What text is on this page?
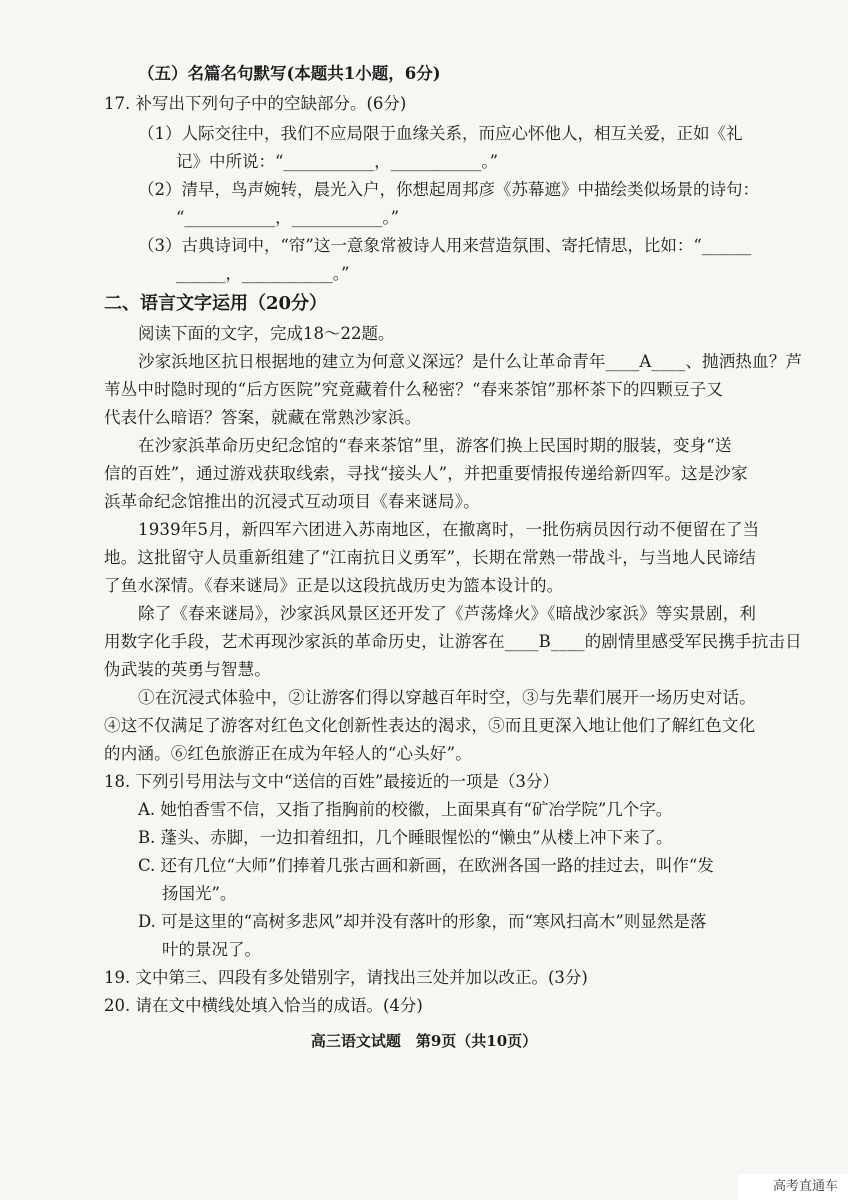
（五）名篇名句默写(本题共1小题，6分)
17. 补写出下列句子中的空缺部分。(6分)
（1）人际交往中，我们不应局限于血缘关系，而应心怀他人，相互关爱，正如《礼
记》中所说：“___________，___________。”
（2）清早，鸟声婉转，晨光入户，你想起周邦彦《苏幕遮》中描绘类似场景的诗句：
“___________，___________。”
（3）古典诗词中，“帘”这一意象常被诗人用来营造氛围、寄托情思，比如：“______
______，___________。”
二、语言文字运用（20分）
阅读下面的文字，完成18～22题。
沙家浜地区抗日根据地的建立为何意义深远？是什么让革命青年____A____、抛洒热血？芦
苇丛中时隐时现的“后方医院”究竟藏着什么秘密？“春来茶馆”那杯茶下的四颗豆子又
代表什么暗语？答案，就藏在常熟沙家浜。
在沙家浜革命历史纪念馆的“春来茶馆”里，游客们换上民国时期的服装，变身“送
信的百姓”，通过游戏获取线索，寻找“接头人”，并把重要情报传递给新四军。这是沙家
浜革命纪念馆推出的沉浸式互动项目《春来谜局》。
1939年5月，新四军六团进入苏南地区，在撤离时，一批伤病员因行动不便留在了当
地。这批留守人员重新组建了“江南抗日义勇军”，长期在常熟一带战斗，与当地人民谛结
了鱼水深情。《春来谜局》正是以这段抗战历史为篮本设计的。
除了《春来谜局》，沙家浜风景区还开发了《芦荡烽火》《暗战沙家浜》等实景剧，利
用数字化手段，艺术再现沙家浜的革命历史，让游客在____B____的剧情里感受军民携手抗击日
伪武装的英勇与智慧。
①在沉浸式体验中，②让游客们得以穿越百年时空，③与先辈们展开一场历史对话。
④这不仅满足了游客对红色文化创新性表达的渴求，⑤而且更深入地让他们了解红色文化
的内涵。⑥红色旅游正在成为年轻人的“心头好”。
18. 下列引号用法与文中“送信的百姓”最接近的一项是（3分）
A. 她怕香雪不信，又指了指胸前的校徽，上面果真有“矿冶学院”几个字。
B. 蓬头、赤脚，一边扣着纽扣，几个睡眼惺忪的“懒虫”从楼上冲下来了。
C. 还有几位“大师”们捧着几张古画和新画，在欧洲各国一路的挂过去，叫作“发
扬国光”。
D. 可是这里的“高树多悲风”却并没有落叶的形象，而“寒风扫高木”则显然是落
叶的景况了。
19. 文中第三、四段有多处错别字，请找出三处并加以改正。(3分)
20. 请在文中横线处填入恰当的成语。(4分)
高三语文试题　第9页（共10页）
高考直通车
